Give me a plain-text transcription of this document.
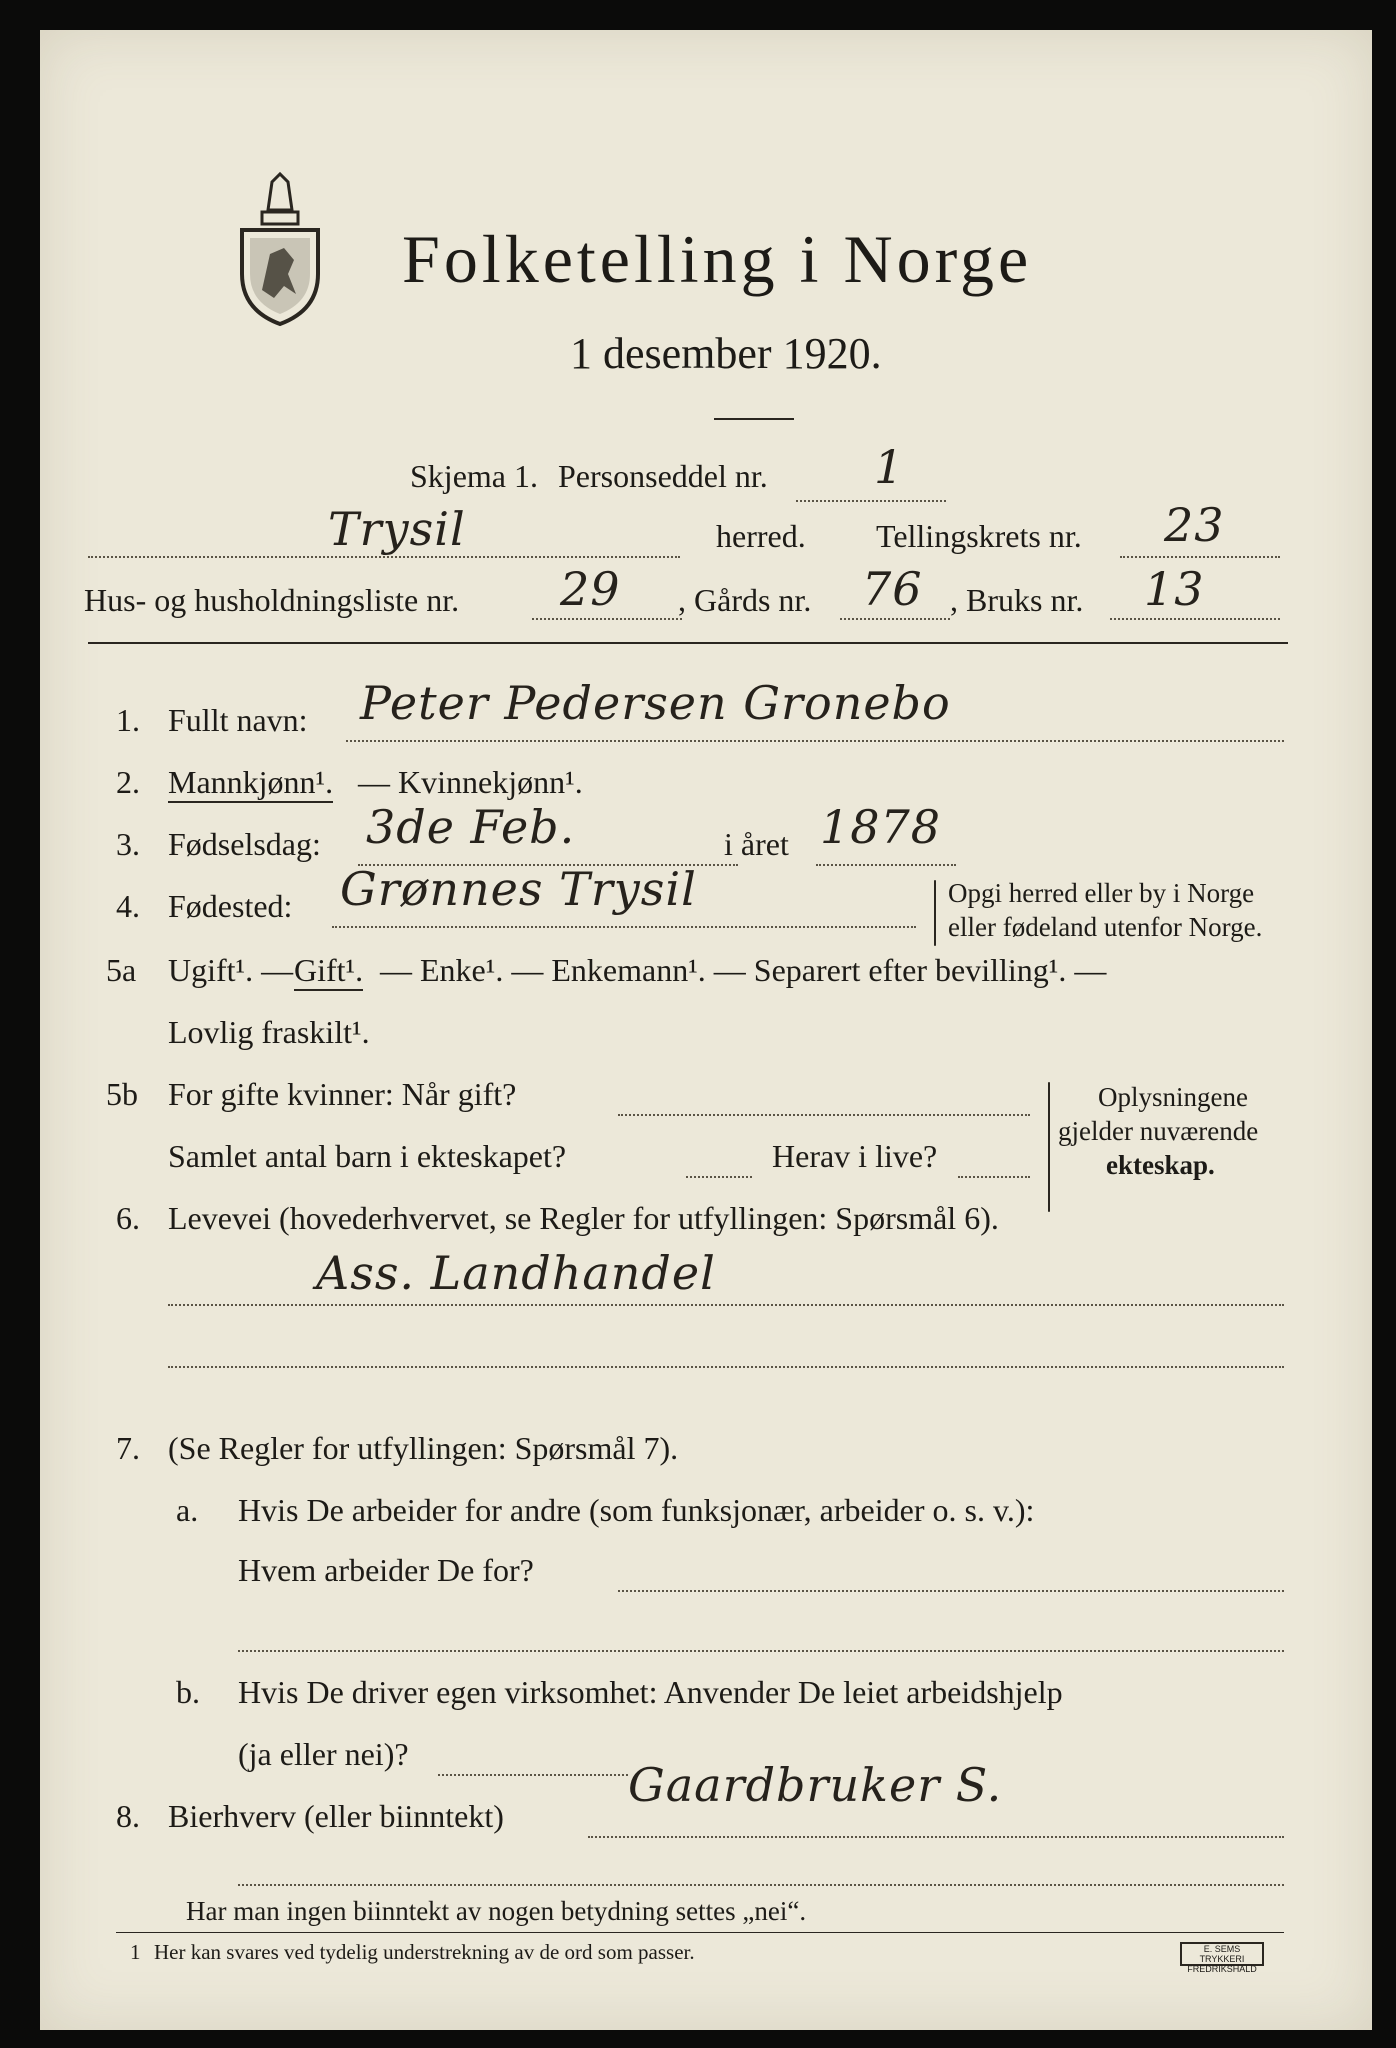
Folketelling i Norge
1 desember 1920.
Skjema 1. Personseddel nr. 1
Trysil	herred. Tellingskrets nr. 23
Hus- og husholdningsliste nr. 29 , Gårds nr. 76 , Bruks nr. 13
1. Fullt navn: Peter Pedersen Gronebo
2. Mannkjønn¹. — Kvinnekjønn¹.
3. Fødselsdag: 3de Feb.	i året 1878
4. Fødested: Grønnes Trysil	Opgi herred eller by i Norge
eller fødeland utenfor Norge.
5a Ugift¹. — Gift¹. — Enke¹. — Enkemann¹. — Separert efter bevilling¹. —
Lovlig fraskilt¹.
5b For gifte kvinner: Når gift?
Samlet antal barn i ekteskapet?	Herav i live?
Oplysningene
gjelder nuværende
ekteskap.
6. Levevei (hovederhvervet, se Regler for utfyllingen: Spørsmål 6).
Ass. Landhandel
7. (Se Regler for utfyllingen: Spørsmål 7).
a. Hvis De arbeider for andre (som funksjonær, arbeider o. s. v.):
Hvem arbeider De for?
b. Hvis De driver egen virksomhet: Anvender De leiet arbeidshjelp
(ja eller nei)?
8. Bierhverv (eller biinntekt)
Gaardbruker S.
Har man ingen biinntekt av nogen betydning settes „nei“.
1 Her kan svares ved tydelig understrekning av de ord som passer.	E. SEMS TRYKKERI FREDRIKSHALD
